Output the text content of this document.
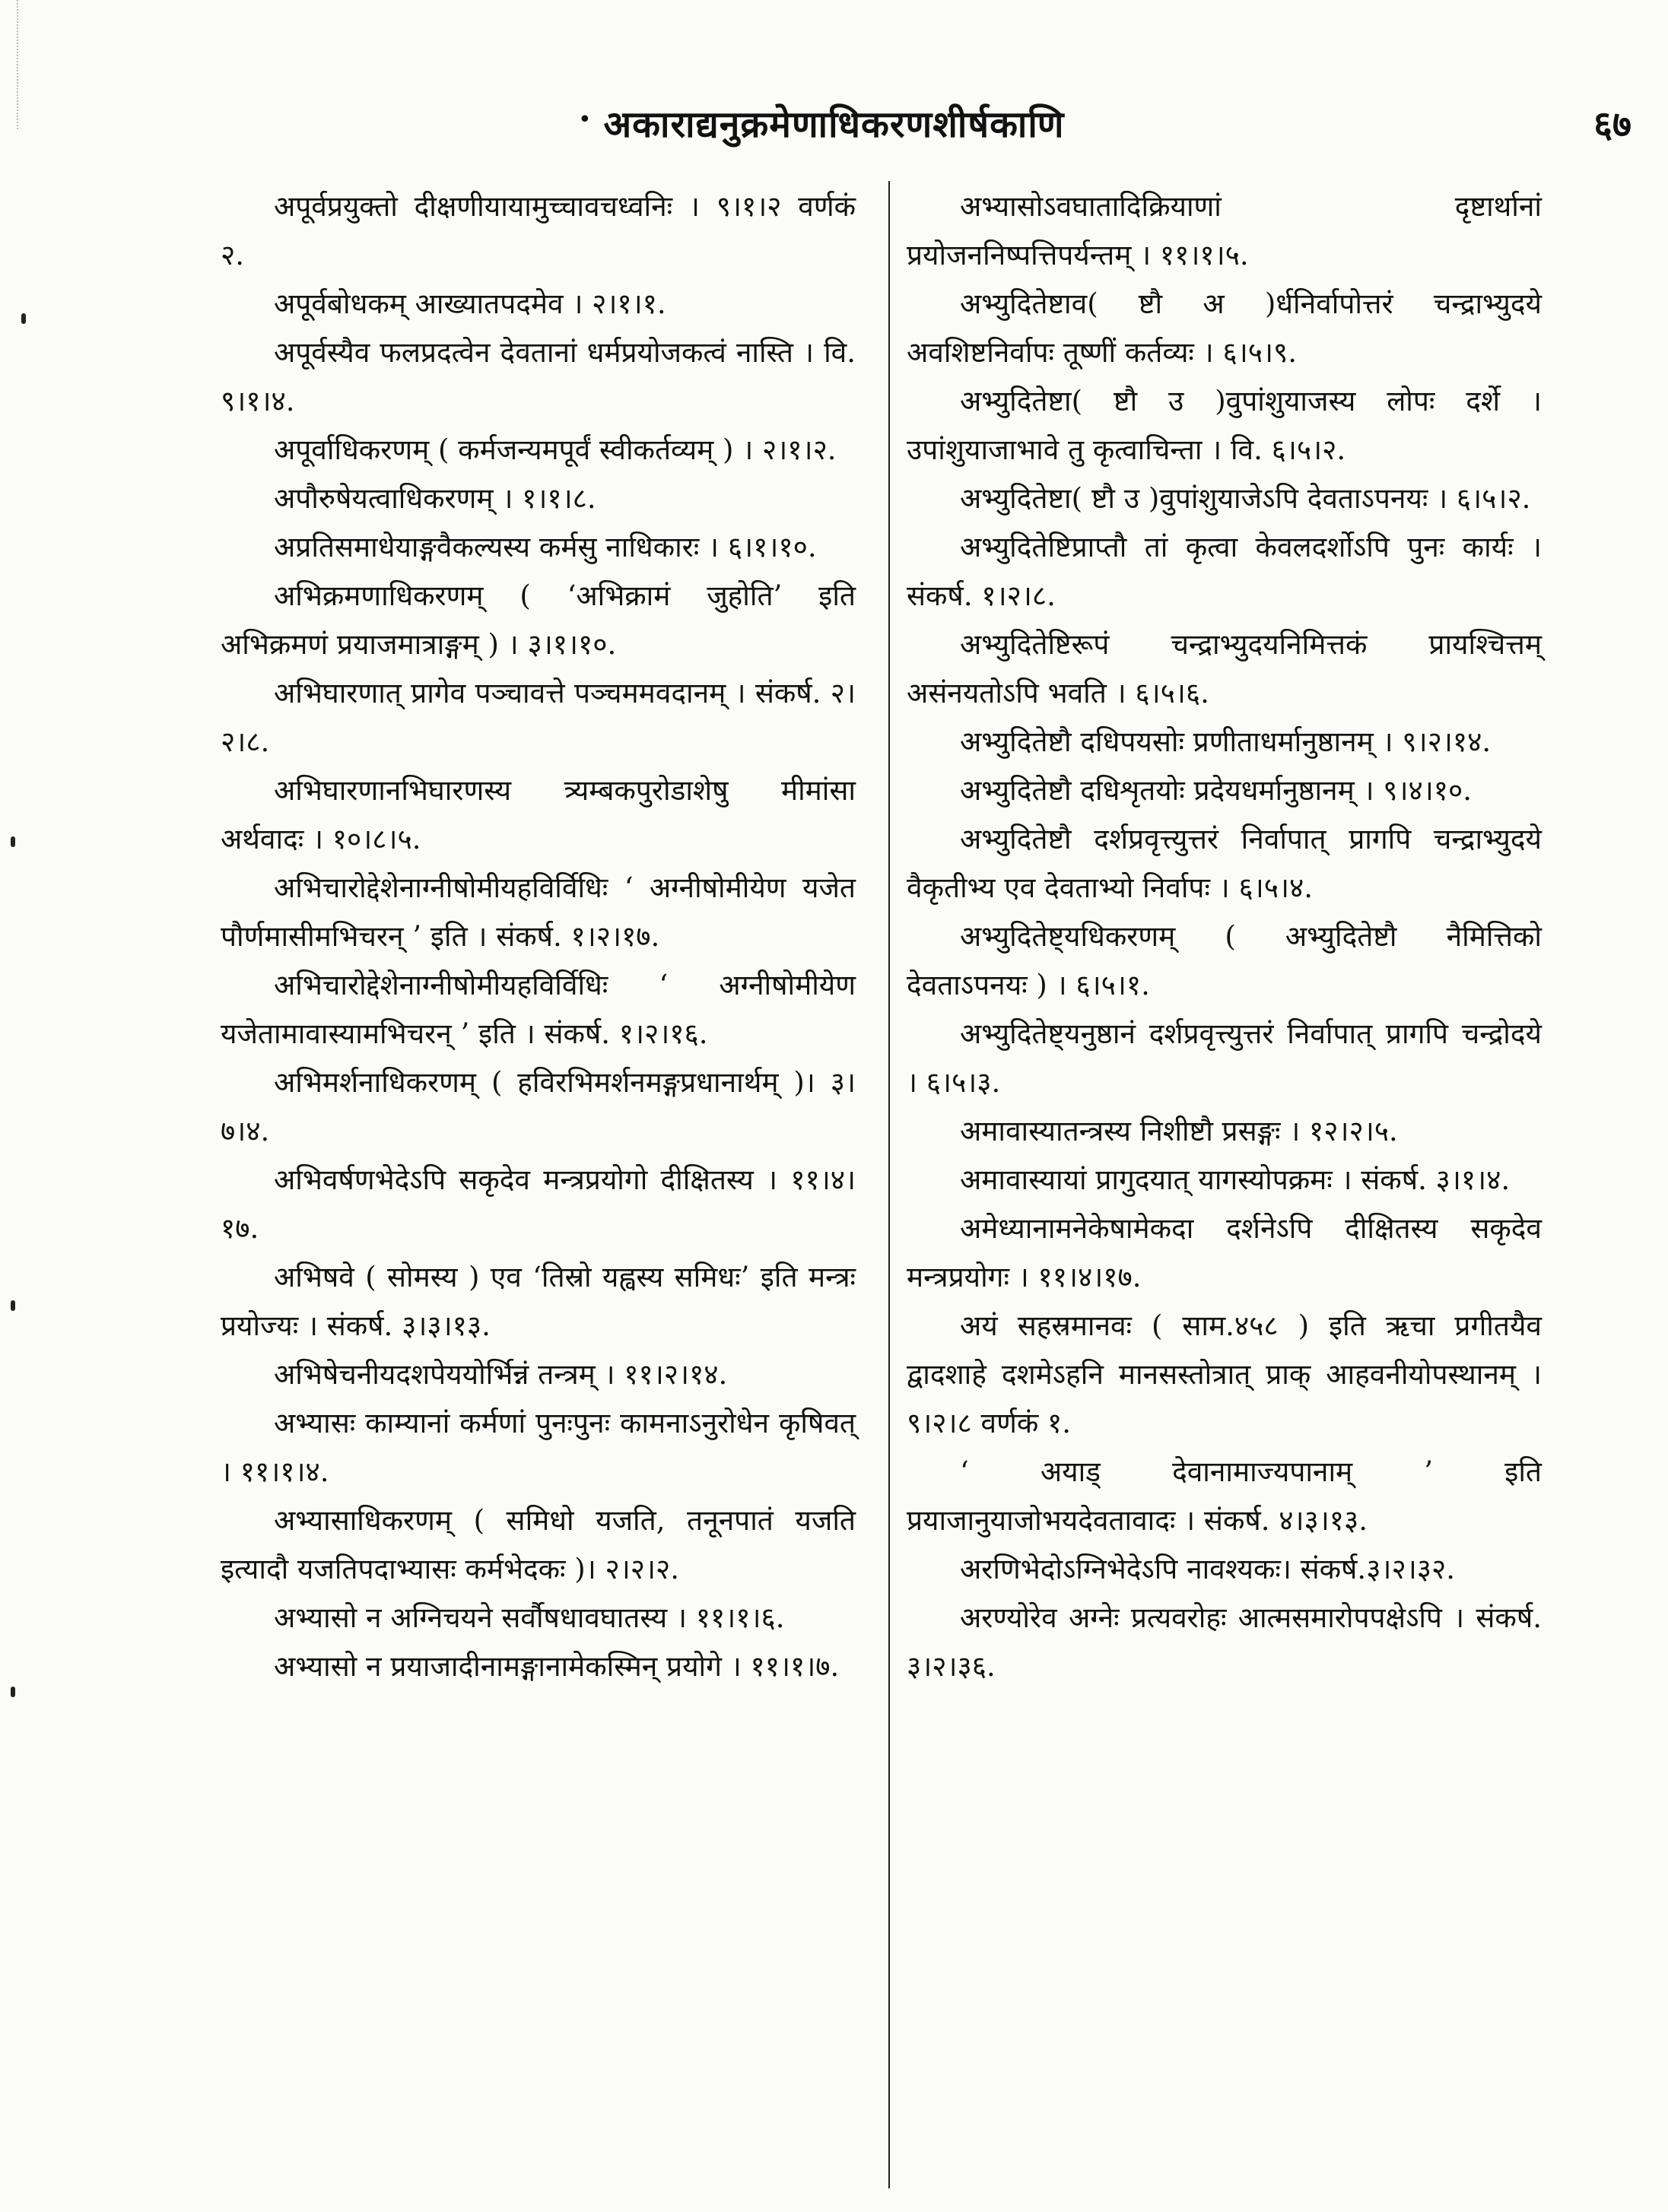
• अकाराद्यनुक्रमेणाधिकरणशीर्षकाणि	६७

अपूर्वप्रयुक्तो दीक्षणीयायामुच्चावचध्वनिः । ९।१।२ वर्णकं २.

अपूर्वबोधकम् आख्यातपदमेव । २।१।१.

अपूर्वस्यैव फलप्रदत्वेन देवतानां धर्मप्रयोजकत्वं नास्ति । वि. ९।१।४.

अपूर्वाधिकरणम् ( कर्मजन्यमपूर्वं स्वीकर्तव्यम् ) । २।१।२.

अपौरुषेयत्वाधिकरणम् । १।१।८.

अप्रतिसमाधेयाङ्गवैकल्यस्य कर्मसु नाधिकारः । ६।१।१०.

अभिक्रमणाधिकरणम् ( ‘अभिक्रामं जुहोति’ इति अभिक्रमणं प्रयाजमात्राङ्गम् ) । ३।१।१०.

अभिघारणात् प्रागेव पञ्चावत्ते पञ्चममवदानम् । संकर्ष. २।२।८.

अभिघारणानभिघारणस्य त्र्यम्बकपुरोडाशेषु मीमांसा अर्थवादः । १०।८।५.

अभिचारोद्देशेनाग्नीषोमीयहविर्विधिः ‘ अग्नीषोमीयेण यजेत पौर्णमासीमभिचरन् ’ इति । संकर्ष. १।२।१७.

अभिचारोद्देशेनाग्नीषोमीयहविर्विधिः ‘ अग्नीषोमीयेण यजेतामावास्यामभिचरन् ’ इति । संकर्ष. १।२।१६.

अभिमर्शनाधिकरणम् ( हविरभिमर्शनमङ्गप्रधानार्थम् )। ३।७।४.

अभिवर्षणभेदेऽपि सकृदेव मन्त्रप्रयोगो दीक्षितस्य । ११।४।१७.

अभिषवे ( सोमस्य ) एव ‘तिस्रो यह्वस्य समिधः’ इति मन्त्रः प्रयोज्यः । संकर्ष. ३।३।१३.

अभिषेचनीयदशपेययोर्भिन्नं तन्त्रम् । ११।२।१४.

अभ्यासः काम्यानां कर्मणां पुनःपुनः कामनाऽनुरोधेन कृषिवत् । ११।१।४.

अभ्यासाधिकरणम् ( समिधो यजति, तनूनपातं यजति इत्यादौ यजतिपदाभ्यासः कर्मभेदकः )। २।२।२.

अभ्यासो न अग्निचयने सर्वौषधावघातस्य । ११।१।६.

अभ्यासो न प्रयाजादीनामङ्गानामेकस्मिन् प्रयोगे । ११।१।७.

अभ्यासोऽवघातादिक्रियाणां दृष्टार्थानां प्रयोजननिष्पत्तिपर्यन्तम् । ११।१।५.

अभ्युदितेष्टाव( ष्टौ अ )र्धनिर्वापोत्तरं चन्द्राभ्युदये अवशिष्टनिर्वापः तूष्णीं कर्तव्यः । ६।५।९.

अभ्युदितेष्टा( ष्टौ उ )वुपांशुयाजस्य लोपः दर्शे । उपांशुयाजाभावे तु कृत्वाचिन्ता । वि. ६।५।२.

अभ्युदितेष्टा( ष्टौ उ )वुपांशुयाजेऽपि देवताऽपनयः । ६।५।२.

अभ्युदितेष्टिप्राप्तौ तां कृत्वा केवलदर्शोऽपि पुनः कार्यः । संकर्ष. १।२।८.

अभ्युदितेष्टिरूपं चन्द्राभ्युदयनिमित्तकं प्रायश्चित्तम् असंनयतोऽपि भवति । ६।५।६.

अभ्युदितेष्टौ दधिपयसोः प्रणीताधर्मानुष्ठानम् । ९।२।१४.

अभ्युदितेष्टौ दधिशृतयोः प्रदेयधर्मानुष्ठानम् । ९।४।१०.

अभ्युदितेष्टौ दर्शप्रवृत्त्युत्तरं निर्वापात् प्रागपि चन्द्राभ्युदये वैकृतीभ्य एव देवताभ्यो निर्वापः । ६।५।४.

अभ्युदितेष्ट्यधिकरणम् ( अभ्युदितेष्टौ नैमित्तिको देवताऽपनयः ) । ६।५।१.

अभ्युदितेष्ट्यनुष्ठानं दर्शप्रवृत्त्युत्तरं निर्वापात् प्रागपि चन्द्रोदये । ६।५।३.

अमावास्यातन्त्रस्य निशीष्टौ प्रसङ्गः । १२।२।५.

अमावास्यायां प्रागुदयात् यागस्योपक्रमः । संकर्ष. ३।१।४.

अमेध्यानामनेकेषामेकदा दर्शनेऽपि दीक्षितस्य सकृदेव मन्त्रप्रयोगः । ११।४।१७.

अयं सहस्रमानवः ( साम.४५८ ) इति ऋचा प्रगीतयैव द्वादशाहे दशमेऽहनि मानसस्तोत्रात् प्राक् आहवनीयोपस्थानम् । ९।२।८ वर्णकं १.

‘ अयाड् देवानामाज्यपानाम् ’ इति प्रयाजानुयाजोभयदेवतावादः । संकर्ष. ४।३।१३.

अरणिभेदोऽग्निभेदेऽपि नावश्यकः। संकर्ष.३।२।३२.

अरण्योरेव अग्नेः प्रत्यवरोहः आत्मसमारोपपक्षेऽपि । संकर्ष. ३।२।३६.
